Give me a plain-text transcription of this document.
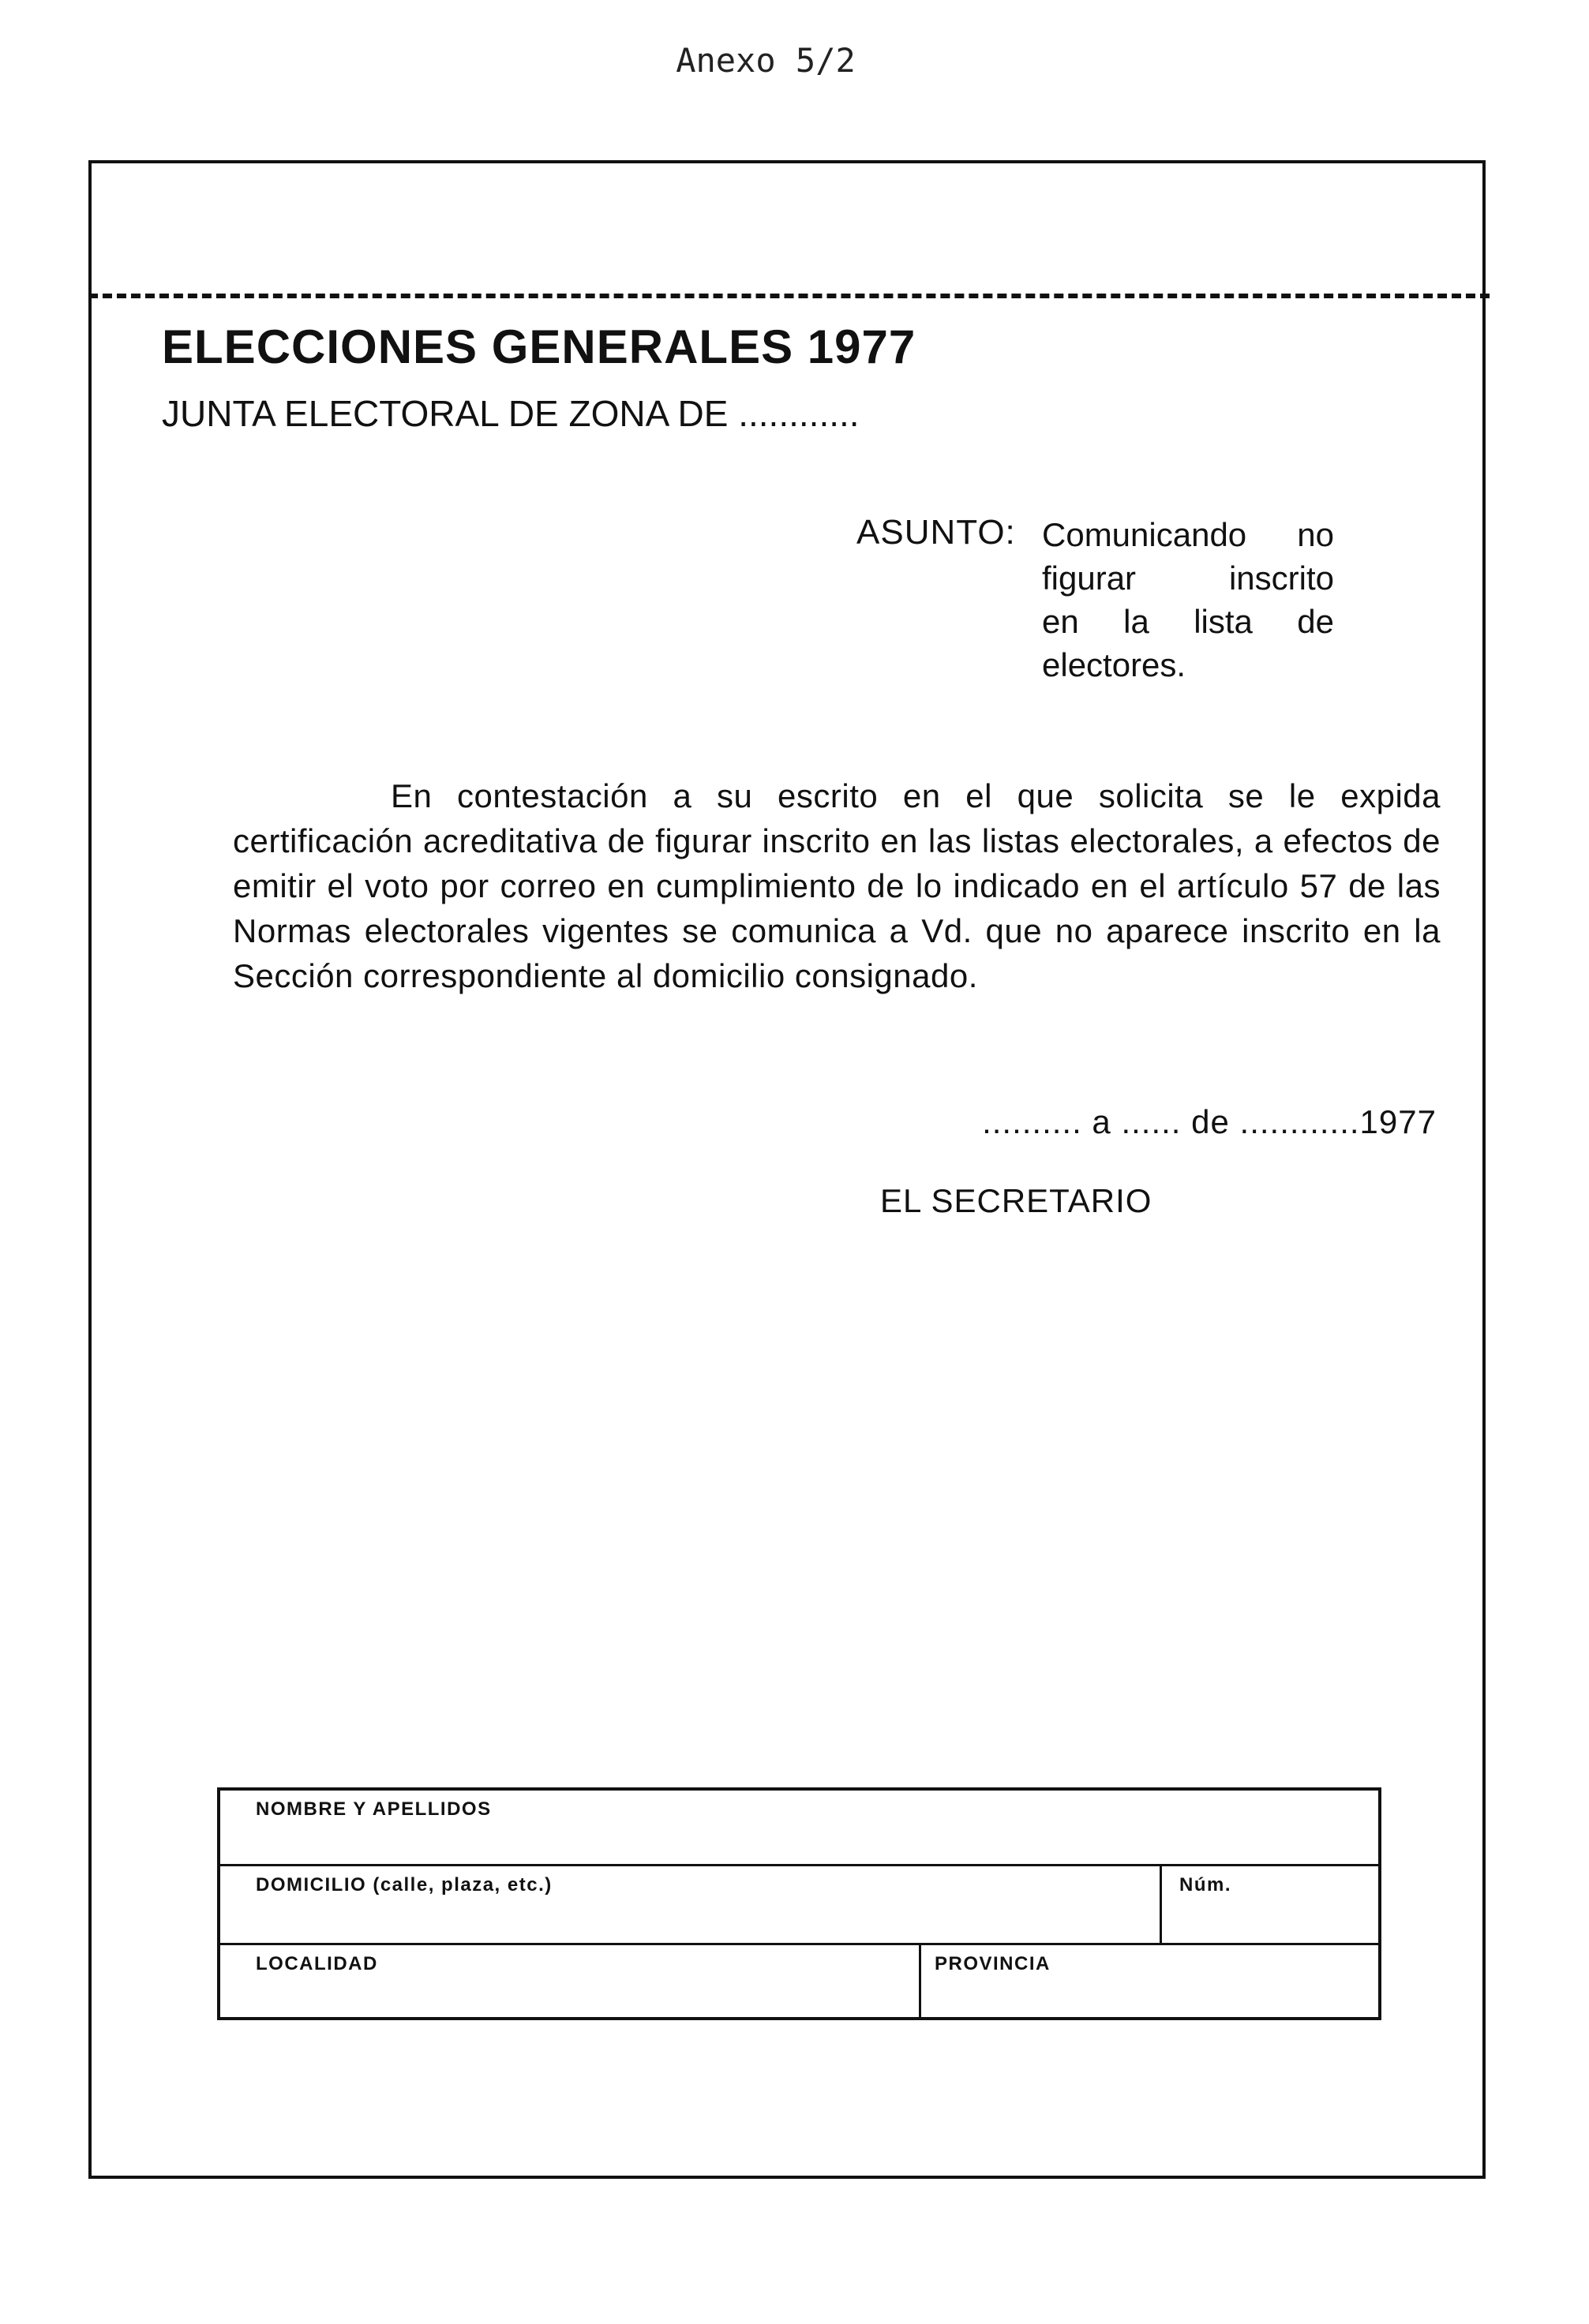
Anexo 5/2
ELECCIONES GENERALES 1977
JUNTA ELECTORAL DE ZONA DE ............
ASUNTO: Comunicando no
figurar inscrito
en la lista de
electores.
En contestación a su escrito en el que solicita se le expida certificación acreditativa de figurar inscrito en las listas electorales, a efectos de emitir el voto por correo en cumplimiento de lo indicado en el artículo 57 de las Normas electorales vigentes se comunica a Vd. que no aparece inscrito en la Sección correspondiente al domicilio consignado.
.......... a ...... de ............1977
EL SECRETARIO
NOMBRE Y APELLIDOS
DOMICILIO (calle, plaza, etc.)	Núm.
LOCALIDAD	PROVINCIA
